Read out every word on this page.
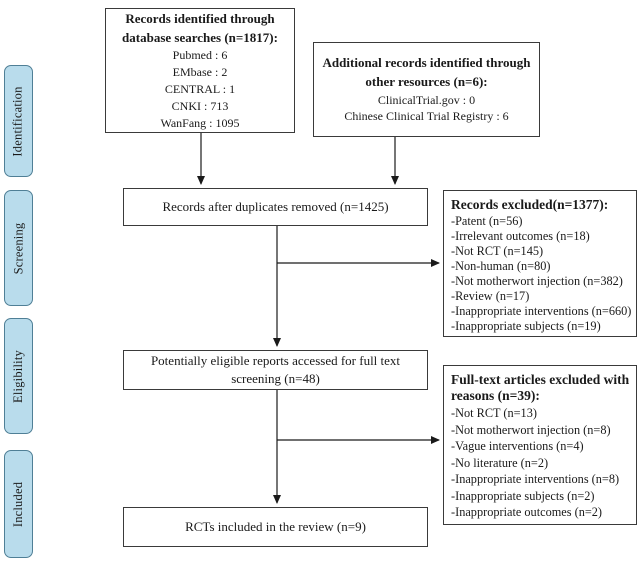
Identification
Screening
Eligibility
Included
Records identified through database searches (n=1817):
Pubmed : 6
EMbase : 2
CENTRAL : 1
CNKI : 713
WanFang : 1095
Additional records identified through other resources (n=6):
ClinicalTrial.gov : 0
Chinese Clinical Trial Registry : 6
Records after duplicates removed (n=1425)	Records excluded(n=1377):
-Patent (n=56)
-Irrelevant outcomes (n=18)
-Not RCT (n=145)
-Non-human (n=80)
-Not motherwort injection (n=382)
-Review (n=17)
-Inappropriate interventions (n=660)
-Inappropriate subjects (n=19)
Potentially eligible reports accessed for full text screening (n=48)	Full-text articles excluded with reasons (n=39):
-Not RCT (n=13)
-Not motherwort injection (n=8)
-Vague interventions (n=4)
-No literature (n=2)
-Inappropriate interventions (n=8)
-Inappropriate subjects (n=2)
-Inappropriate outcomes (n=2)
RCTs included in the review (n=9)
